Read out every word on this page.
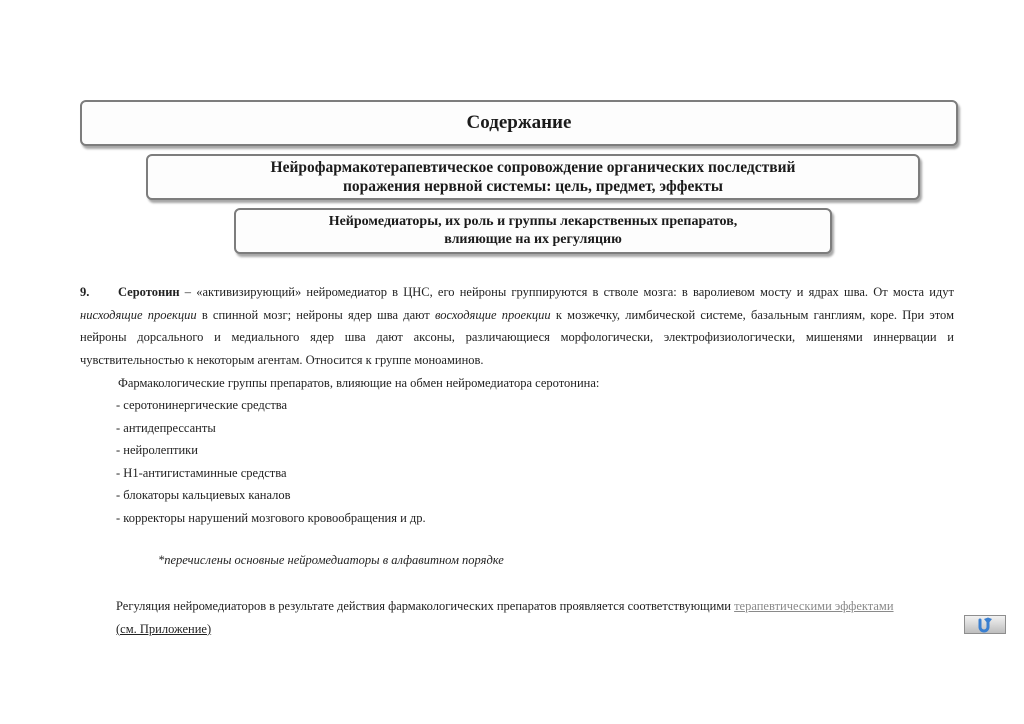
Содержание
Нейрофармакотерапевтическое сопровождение органических последствий
поражения нервной системы: цель, предмет, эффекты
Нейромедиаторы, их роль и группы лекарственных препаратов,
влияющие на их регуляцию
9. Серотонин – «активизирующий» нейромедиатор в ЦНС, его нейроны группируются в стволе мозга: в варолиевом мосту и ядрах шва. От моста идут нисходящие проекции в спинной мозг; нейроны ядер шва дают восходящие проекции к мозжечку, лимбической системе, базальным ганглиям, коре. При этом нейроны дорсального и медиального ядер шва дают аксоны, различающиеся морфологически, электрофизиологически, мишенями иннервации и чувствительностью к некоторым агентам. Относится к группе моноаминов.
Фармакологические группы препаратов, влияющие на обмен нейромедиатора серотонина:
- серотонинергические средства
- антидепрессанты
- нейролептики
- Н1-антигистаминные средства
- блокаторы кальциевых каналов
- корректоры нарушений мозгового кровообращения и др.
*перечислены основные нейромедиаторы в алфавитном порядке
Регуляция нейромедиаторов в результате действия фармакологических препаратов проявляется соответствующими терапевтическими эффектами
(см. Приложение)
